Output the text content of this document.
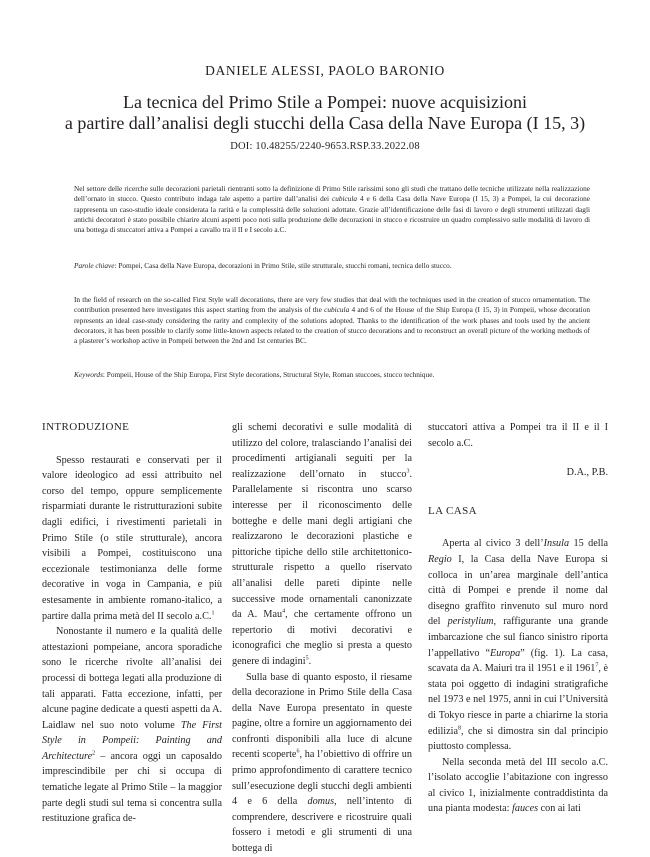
DANIELE ALESSI, PAOLO BARONIO
La tecnica del Primo Stile a Pompei: nuove acquisizioni
a partire dall’analisi degli stucchi della Casa della Nave Europa (I 15, 3)
DOI: 10.48255/2240-9653.RSP.33.2022.08

Nel settore delle ricerche sulle decorazioni parietali rientranti sotto la definizione di Primo Stile rarissimi sono gli studi che trattano delle tecniche utilizzate nella realizzazione dell’ornato in stucco. Questo contributo indaga tale aspetto a partire dall’analisi dei cubicula 4 e 6 della Casa della Nave Europa (I 15, 3) a Pompei, la cui decorazione rappresenta un caso-studio ideale considerata la rarità e la complessità delle soluzioni adottate. Grazie all’identificazione delle fasi di lavoro e degli strumenti utilizzati dagli antichi decoratori è stato possibile chiarire alcuni aspetti poco noti sulla produzione delle decorazioni in stucco e ricostruire un quadro complessivo sulle modalità di lavoro di una bottega di stuccatori attiva a Pompei a cavallo tra il II e I secolo a.C.

Parole chiave: Pompei, Casa della Nave Europa, decorazioni in Primo Stile, stile strutturale, stucchi romani, tecnica dello stucco.

In the field of research on the so-called First Style wall decorations, there are very few studies that deal with the techniques used in the creation of stucco ornamentation. The contribution presented here investigates this aspect starting from the analysis of the cubicula 4 and 6 of the House of the Ship Europa (I 15, 3) in Pompeii, whose decoration represents an ideal case-study considering the rarity and complexity of the solutions adopted. Thanks to the identification of the work phases and tools used by the ancient decorators, it has been possible to clarify some little-known aspects related to the creation of stucco decorations and to reconstruct an overall picture of the working methods of a plasterer’s workshop active in Pompeii between the 2nd and 1st centuries BC.

Keywords: Pompeii, House of the Ship Europa, First Style decorations, Structural Style, Roman stuccoes, stucco technique.

INTRODUZIONE

Spesso restaurati e conservati per il valore ideologico ad essi attribuito nel corso del tempo, oppure semplicemente risparmiati durante le ristrutturazioni subite dagli edifici, i rivestimenti parietali in Primo Stile (o stile strutturale), ancora visibili a Pompei, costituiscono una eccezionale testimonianza delle forme decorative in voga in Campania, e più estesamente in ambiente romano-italico, a partire dalla prima metà del II secolo a.C.$^1$

Nonostante il numero e la qualità delle attestazioni pompeiane, ancora sporadiche sono le ricerche rivolte all’analisi dei processi di bottega legati alla produzione di tali apparati. Fatta eccezione, infatti, per alcune pagine dedicate a questi aspetti da A. Laidlaw nel suo noto volume The First Style in Pompeii: Painting and Architecture$^2$ – ancora oggi un caposaldo imprescindibile per chi si occupa di tematiche legate al Primo Stile – la maggior parte degli studi sul tema si concentra sulla restituzione grafica de-

gli schemi decorativi e sulle modalità di utilizzo del colore, tralasciando l’analisi dei procedimenti artigianali seguiti per la realizzazione dell’ornato in stucco$^3$. Parallelamente si riscontra uno scarso interesse per il riconoscimento delle botteghe e delle mani degli artigiani che realizzarono le decorazioni plastiche e pittoriche tipiche dello stile architettonico-strutturale rispetto a quello riservato all’analisi delle pareti dipinte nelle successive mode ornamentali canonizzate da A. Mau$^4$, che certamente offrono un repertorio di motivi decorativi e iconografici che meglio si presta a questo genere di indagini$^5$.

Sulla base di quanto esposto, il riesame della decorazione in Primo Stile della Casa della Nave Europa presentato in queste pagine, oltre a fornire un aggiornamento dei confronti disponibili alla luce di alcune recenti scoperte$^6$, ha l’obiettivo di offrire un primo approfondimento di carattere tecnico sull’esecuzione degli stucchi degli ambienti 4 e 6 della domus, nell’intento di comprendere, descrivere e ricostruire quali fossero i metodi e gli strumenti di una bottega di

stuccatori attiva a Pompei tra il II e il I secolo a.C.

D.A., P.B.

LA CASA

Aperta al civico 3 dell’Insula 15 della Regio I, la Casa della Nave Europa si colloca in un’area marginale dell’antica città di Pompei e prende il nome dal disegno graffito rinvenuto sul muro nord del peristylium, raffigurante una grande imbarcazione che sul fianco sinistro riporta l’appellativo “Europa” (fig. 1). La casa, scavata da A. Maiuri tra il 1951 e il 1961$^7$, è stata poi oggetto di indagini stratigrafiche nel 1973 e nel 1975, anni in cui l’Università di Tokyo riesce in parte a chiarirne la storia edilizia$^8$, che si dimostra sin dal principio piuttosto complessa.

Nella seconda metà del III secolo a.C. l’isolato accoglie l’abitazione con ingresso al civico 1, inizialmente contraddistinta da una pianta modesta: fauces con ai lati
